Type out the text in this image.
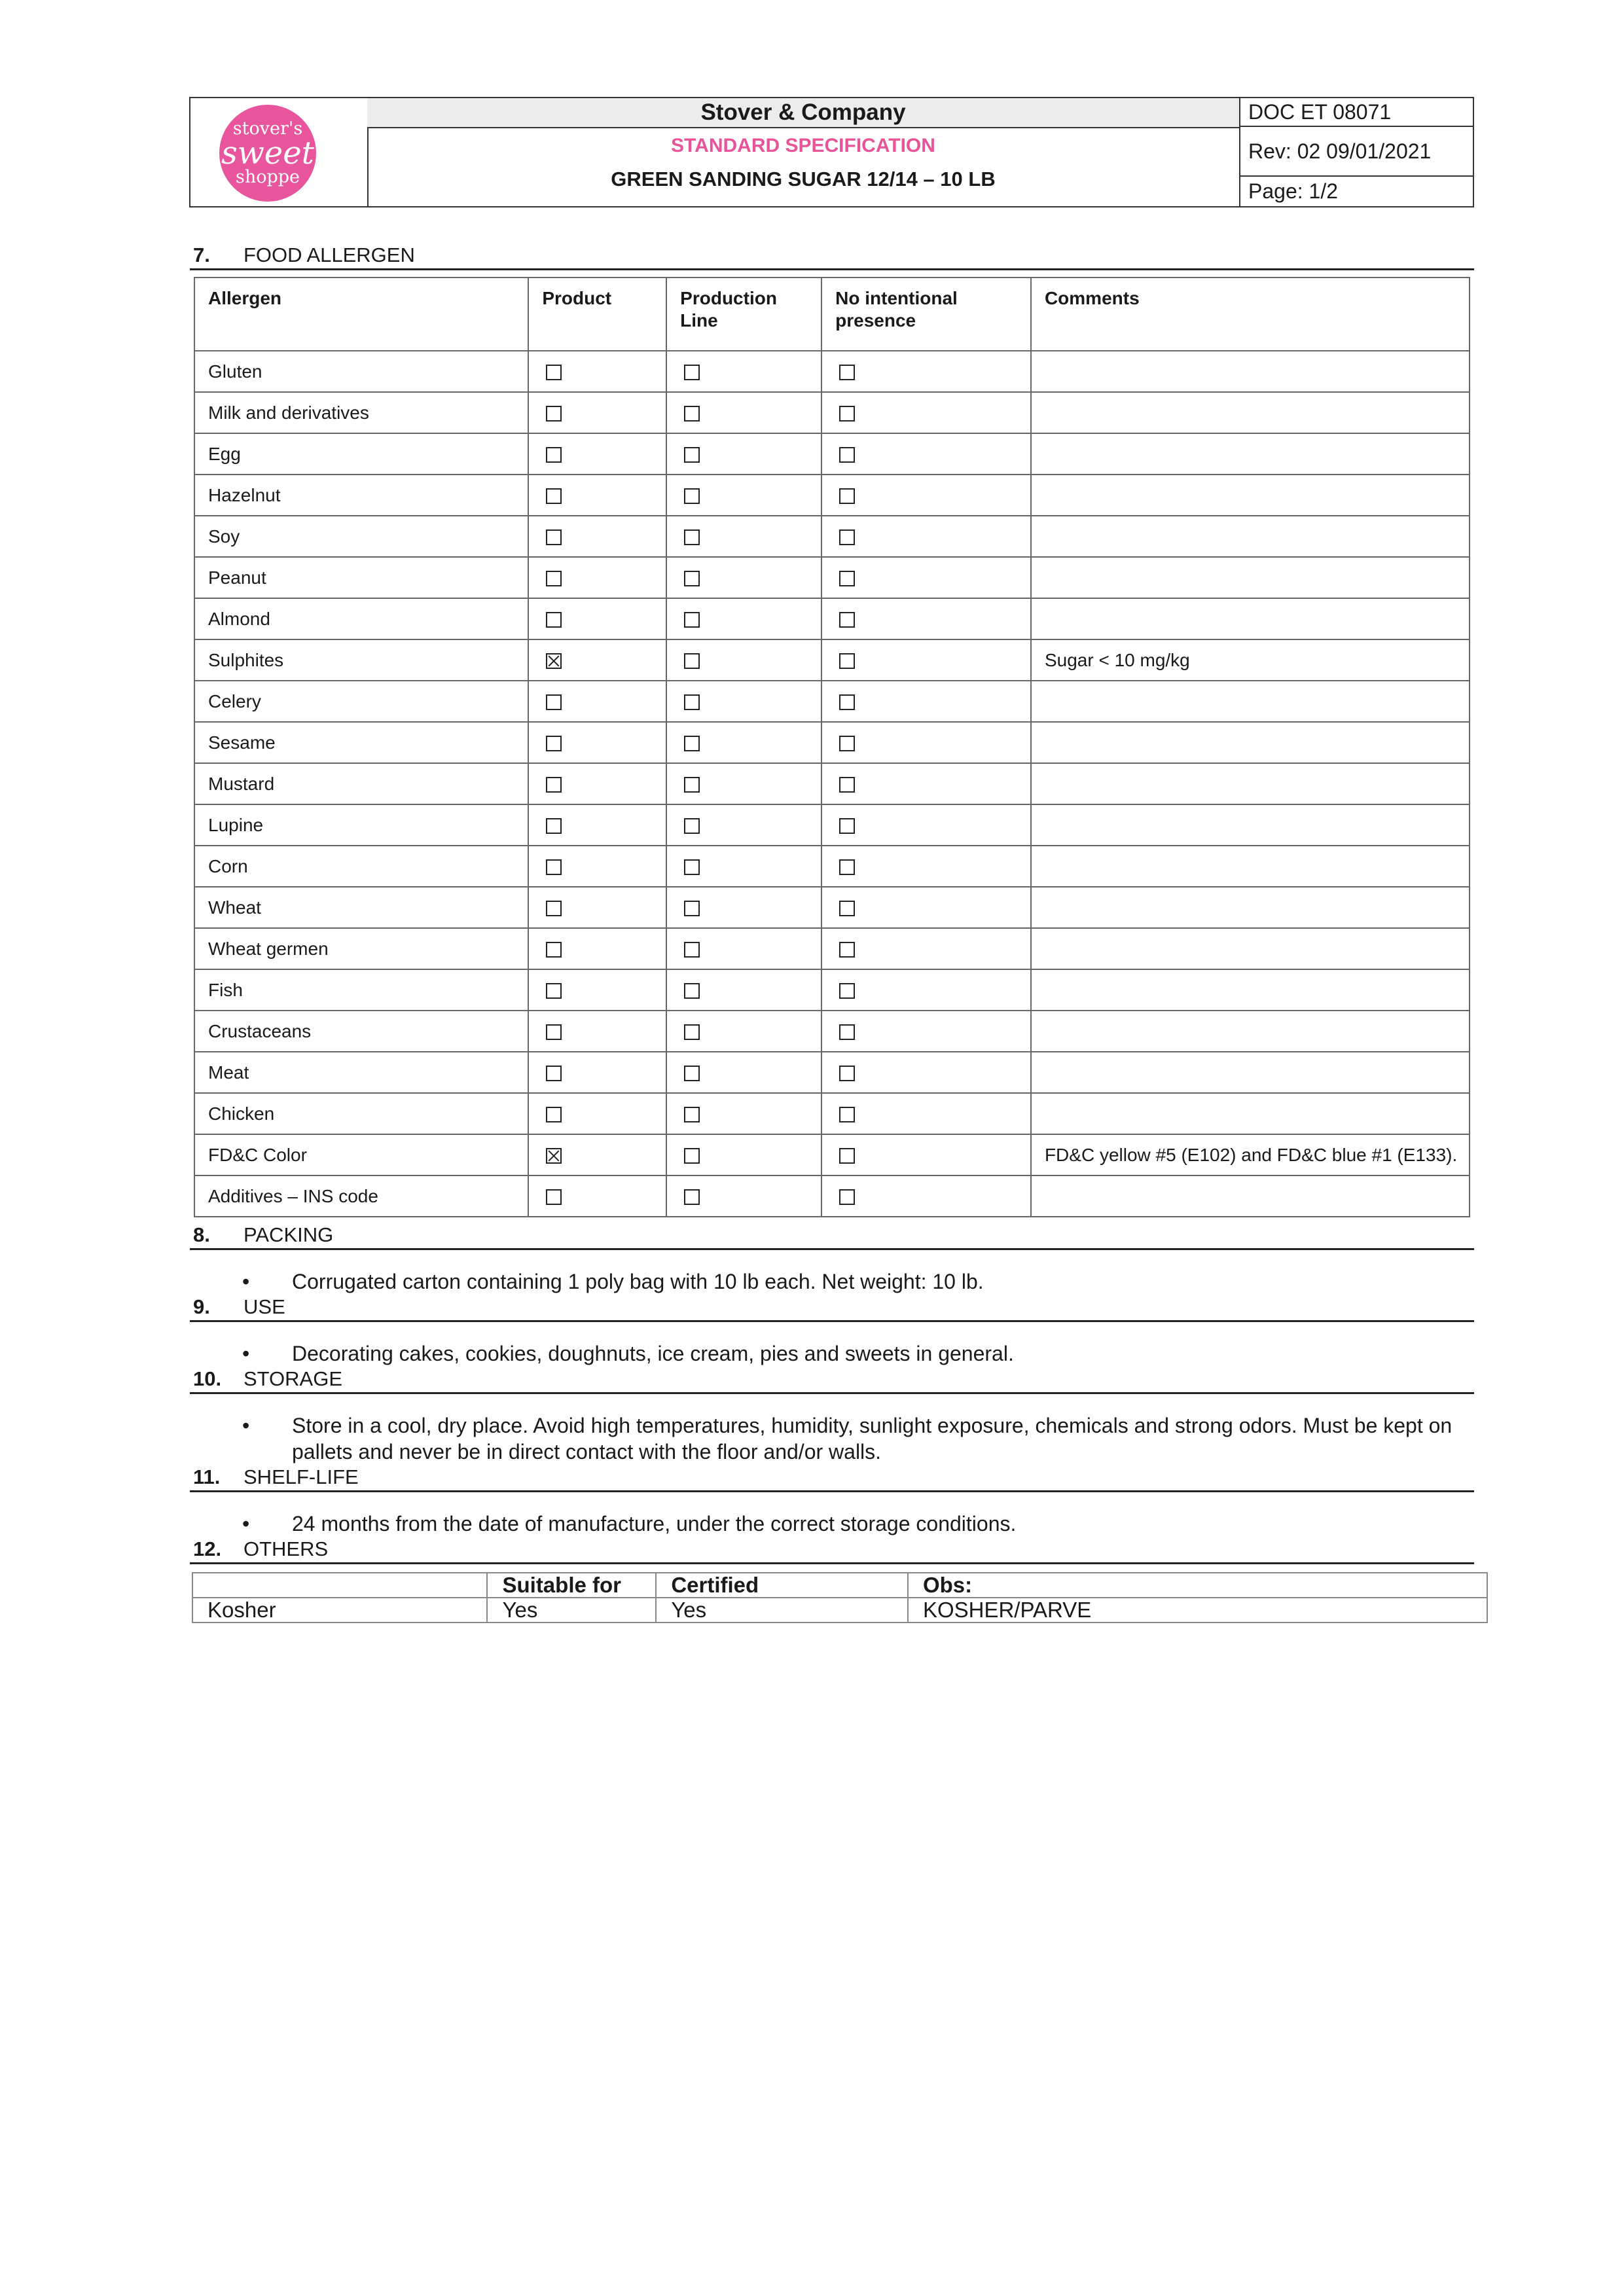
stover's
sweet
shoppe
Stover & Company
STANDARD SPECIFICATION
GREEN SANDING SUGAR 12/14 – 10 LB
DOC ET 08071
Rev: 02 09/01/2021
Page: 1/2
7. FOOD ALLERGEN
Allergen	Product	Production Line	No intentional presence	Comments
Gluten				
Milk and derivatives				
Egg				
Hazelnut				
Soy				
Peanut				
Almond				
Sulphites				Sugar < 10 mg/kg
Celery				
Sesame				
Mustard				
Lupine				
Corn				
Wheat				
Wheat germen				
Fish				
Crustaceans				
Meat				
Chicken				
FD&C Color				FD&C yellow #5 (E102) and FD&C blue #1 (E133).
Additives – INS code				
8. PACKING
• Corrugated carton containing 1 poly bag with 10 lb each. Net weight: 10 lb.
9. USE
• Decorating cakes, cookies, doughnuts, ice cream, pies and sweets in general.
10. STORAGE
• Store in a cool, dry place. Avoid high temperatures, humidity, sunlight exposure, chemicals and strong odors. Must be kept on pallets and never be in direct contact with the floor and/or walls.
11. SHELF-LIFE
• 24 months from the date of manufacture, under the correct storage conditions.
12. OTHERS
	Suitable for	Certified	Obs:
Kosher	Yes	Yes	KOSHER/PARVE
